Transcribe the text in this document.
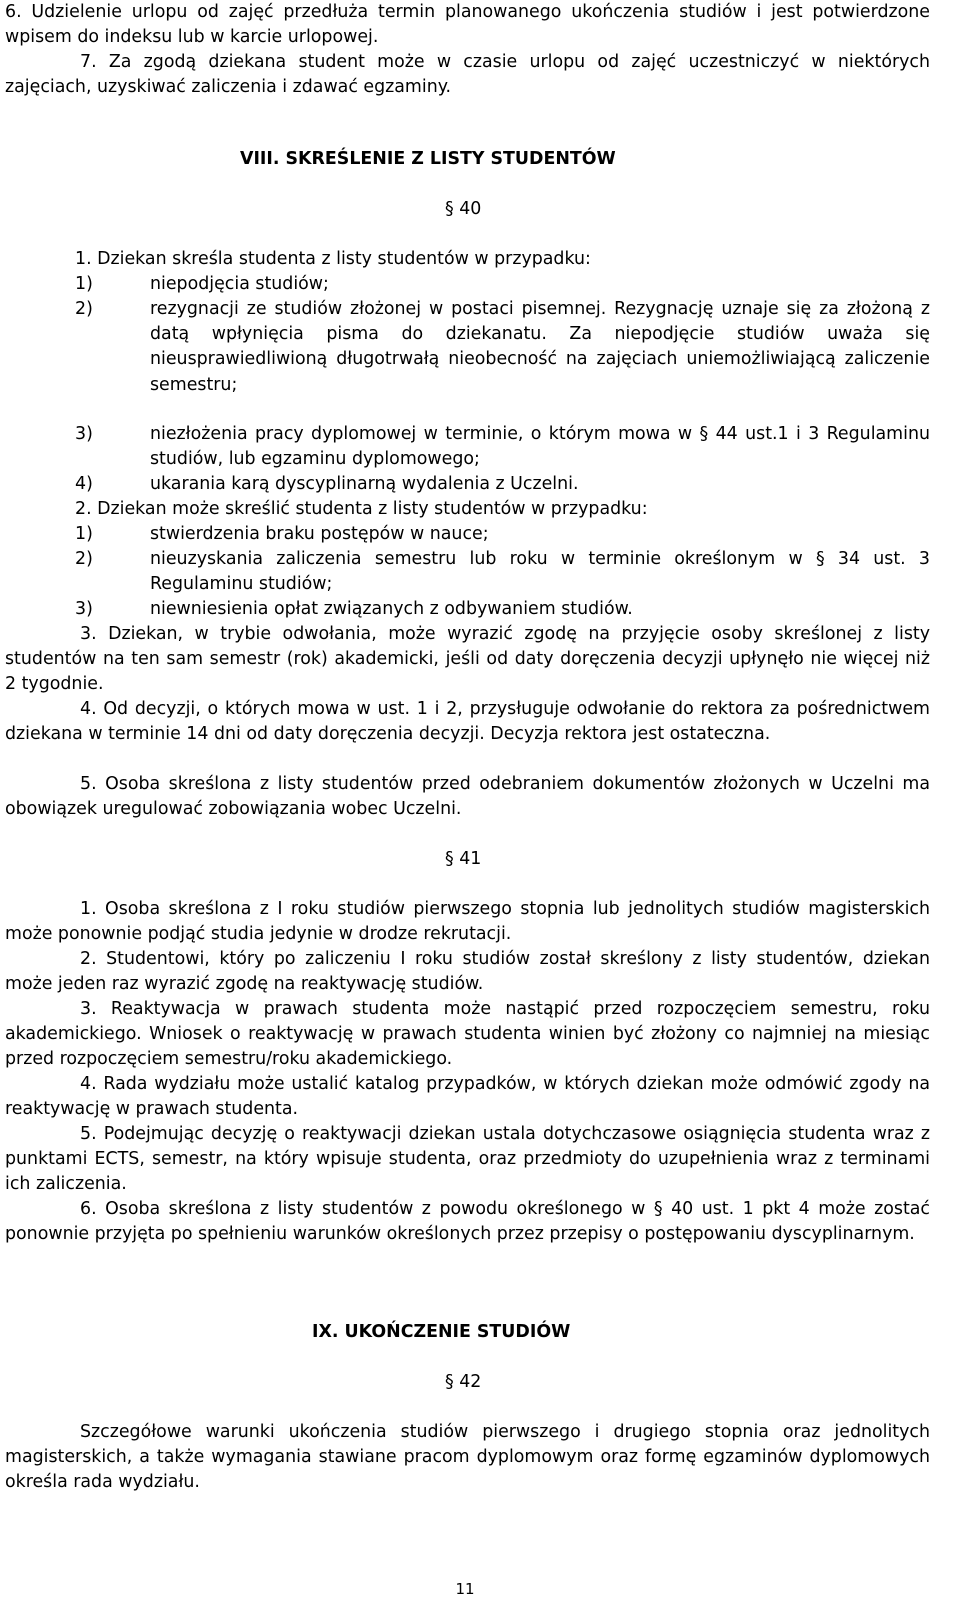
6. Udzielenie urlopu od zajęć przedłuża termin planowanego ukończenia studiów i jest potwierdzone wpisem do indeksu lub w karcie urlopowej.

7. Za zgodą dziekana student może w czasie urlopu od zajęć uczestniczyć w niektórych zajęciach, uzyskiwać zaliczenia i zdawać egzaminy.

VIII. SKREŚLENIE Z LISTY STUDENTÓW

§ 40

1. Dziekan skreśla studenta z listy studentów w przypadku:

1)	niepodjęcia studiów;
2)	rezygnacji ze studiów złożonej w postaci pisemnej. Rezygnację uznaje się za złożoną z datą wpłynięcia pisma do dziekanatu. Za niepodjęcie studiów uważa się nieusprawiedliwioną długotrwałą nieobecność na zajęciach uniemożliwiającą zaliczenie semestru;
3)	niezłożenia pracy dyplomowej w terminie, o którym mowa w § 44 ust.1 i 3 Regulaminu studiów, lub egzaminu dyplomowego;
4)	ukarania karą dyscyplinarną wydalenia z Uczelni.

2. Dziekan może skreślić studenta z listy studentów w przypadku:

1)	stwierdzenia braku postępów w nauce;
2)	nieuzyskania zaliczenia semestru lub roku w terminie określonym w § 34 ust. 3 Regulaminu studiów;
3)	niewniesienia opłat związanych z odbywaniem studiów.

3. Dziekan, w trybie odwołania, może wyrazić zgodę na przyjęcie osoby skreślonej z listy studentów na ten sam semestr (rok) akademicki, jeśli od daty doręczenia decyzji upłynęło nie więcej niż 2 tygodnie.

4. Od decyzji, o których mowa w ust. 1 i 2, przysługuje odwołanie do rektora za pośrednictwem dziekana w terminie 14 dni od daty doręczenia decyzji. Decyzja rektora jest ostateczna.

5. Osoba skreślona z listy studentów przed odebraniem dokumentów złożonych w Uczelni ma obowiązek uregulować zobowiązania wobec Uczelni.

§ 41

1. Osoba skreślona z I roku studiów pierwszego stopnia lub jednolitych studiów magisterskich może ponownie podjąć studia jedynie w drodze rekrutacji.

2. Studentowi, który po zaliczeniu I roku studiów został skreślony z listy studentów, dziekan może jeden raz wyrazić zgodę na reaktywację studiów.

3. Reaktywacja w prawach studenta może nastąpić przed rozpoczęciem semestru, roku akademickiego. Wniosek o reaktywację w prawach studenta winien być złożony co najmniej na miesiąc przed rozpoczęciem semestru/roku akademickiego.

4. Rada wydziału może ustalić katalog przypadków, w których dziekan może odmówić zgody na reaktywację w prawach studenta.

5. Podejmując decyzję o reaktywacji dziekan ustala dotychczasowe osiągnięcia studenta wraz z punktami ECTS, semestr, na który wpisuje studenta, oraz przedmioty do uzupełnienia wraz z terminami ich zaliczenia.

6. Osoba skreślona z listy studentów z powodu określonego w § 40 ust. 1 pkt 4 może zostać ponownie przyjęta po spełnieniu warunków określonych przez przepisy o postępowaniu dyscyplinarnym.

IX. UKOŃCZENIE STUDIÓW

§ 42

Szczegółowe warunki ukończenia studiów pierwszego i drugiego stopnia oraz jednolitych magisterskich, a także wymagania stawiane pracom dyplomowym oraz formę egzaminów dyplomowych określa rada wydziału.

11
